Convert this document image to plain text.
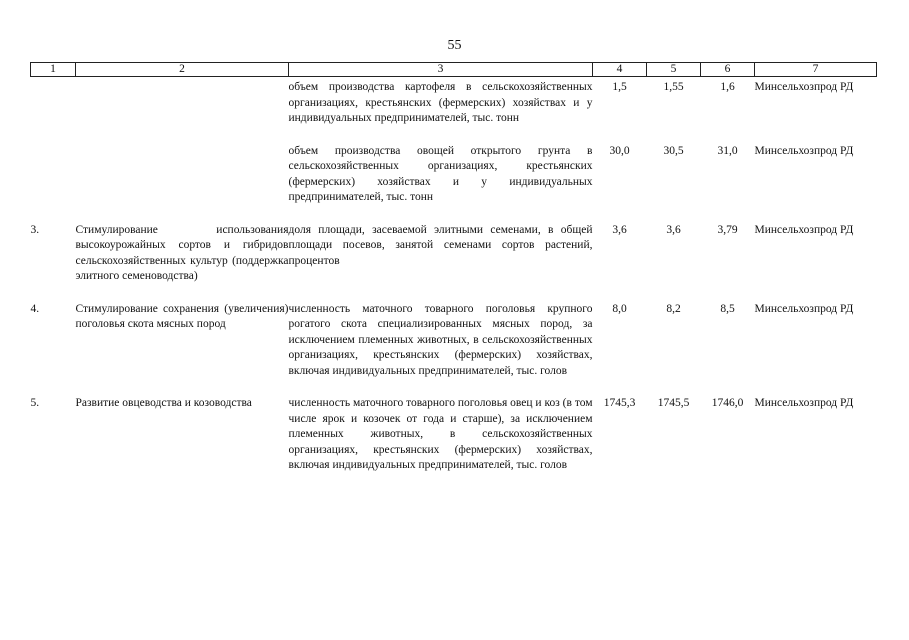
55
1	2	3	4	5	6	7

		объем производства картофеля в сельскохозяйственных организациях, крестьянских (фермерских) хозяйствах и у индивидуальных предпринимателей, тыс. тонн	1,5	1,55	1,6	Минсельхозпрод РД

		объем производства овощей открытого грунта в сельскохозяйственных организациях, крестьянских (фермерских) хозяйствах и у индивидуальных предпринимателей, тыс. тонн	30,0	30,5	31,0	Минсельхозпрод РД

3.	Стимулирование использования высокоурожайных сортов и гибридов сельскохозяйственных культур (поддержка элитного семеноводства)	доля площади, засеваемой элитными семенами, в общей площади посевов, занятой семенами сортов растений, процентов	3,6	3,6	3,79	Минсельхозпрод РД

4.	Стимулирование сохранения (увеличения) поголовья скота мясных пород	численность маточного товарного поголовья крупного рогатого скота специализированных мясных пород, за исключением племенных животных, в сельскохозяйственных организациях, крестьянских (фермерских) хозяйствах, включая индивидуальных предпринимателей, тыс. голов	8,0	8,2	8,5	Минсельхозпрод РД

5.	Развитие овцеводства и козоводства	численность маточного товарного поголовья овец и коз (в том числе ярок и козочек от года и старше), за исключением племенных животных, в сельскохозяйственных организациях, крестьянских (фермерских) хозяйствах, включая индивидуальных предпринимателей, тыс. голов	1745,3	1745,5	1746,0	Минсельхозпрод РД
